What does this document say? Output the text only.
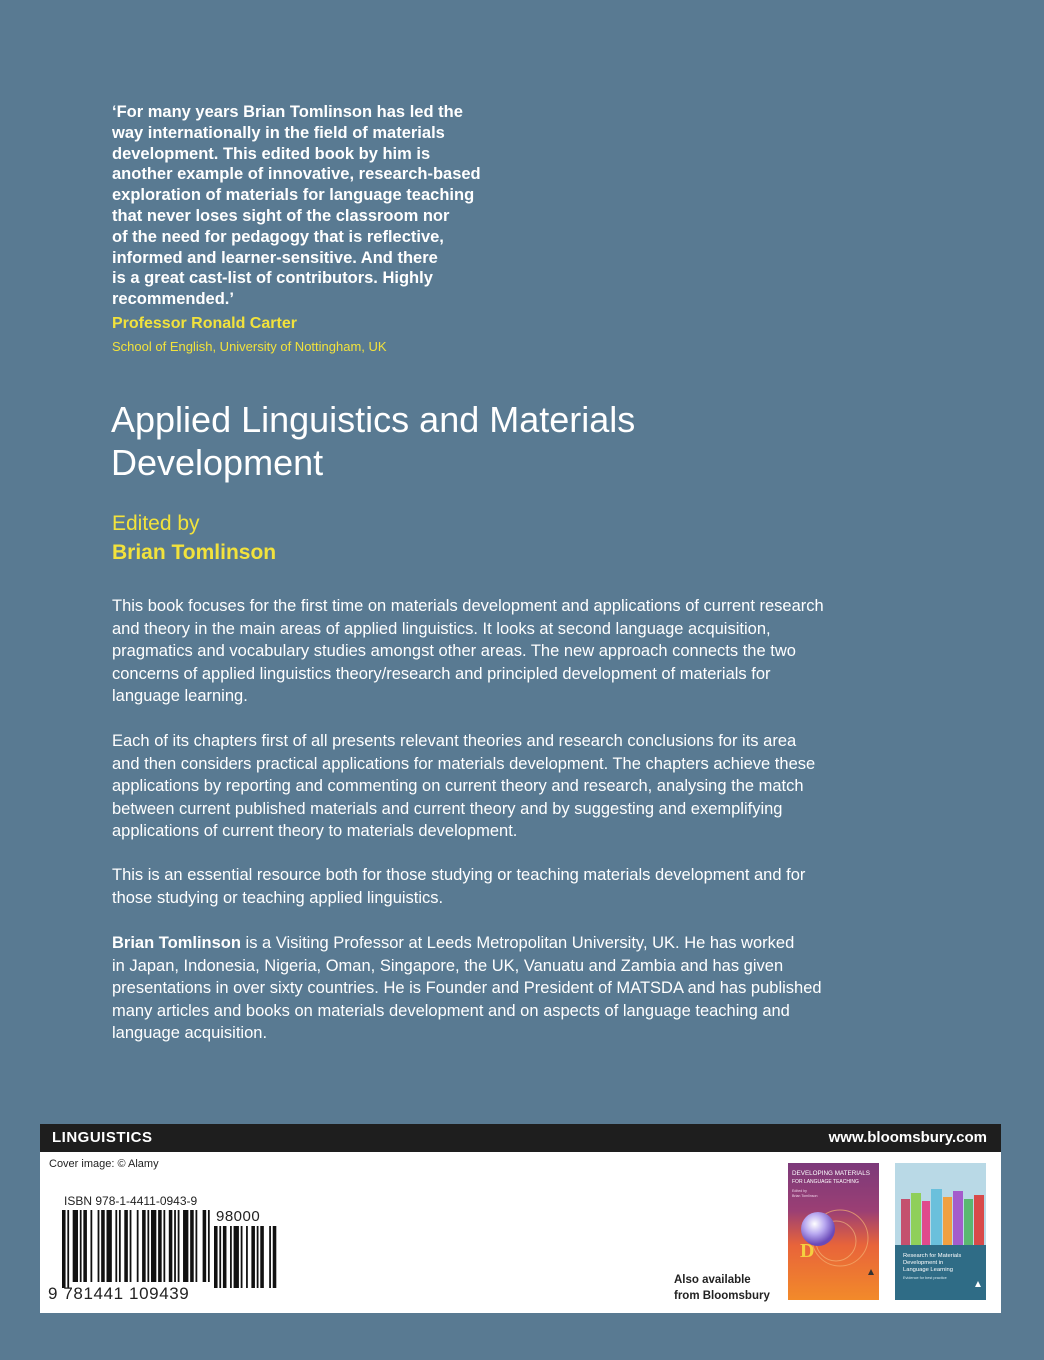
‘For many years Brian Tomlinson has led the
way internationally in the field of materials
development. This edited book by him is
another example of innovative, research-based
exploration of materials for language teaching
that never loses sight of the classroom nor
of the need for pedagogy that is reflective,
informed and learner-sensitive. And there
is a great cast-list of contributors. Highly
recommended.’
Professor Ronald Carter
School of English, University of Nottingham, UK
Applied Linguistics and Materials
Development
Edited by
Brian Tomlinson
This book focuses for the first time on materials development and applications of current research
and theory in the main areas of applied linguistics. It looks at second language acquisition,
pragmatics and vocabulary studies amongst other areas. The new approach connects the two
concerns of applied linguistics theory/research and principled development of materials for
language learning.
Each of its chapters first of all presents relevant theories and research conclusions for its area
and then considers practical applications for materials development. The chapters achieve these
applications by reporting and commenting on current theory and research, analysing the match
between current published materials and current theory and by suggesting and exemplifying
applications of current theory to materials development.
This is an essential resource both for those studying or teaching materials development and for
those studying or teaching applied linguistics.
Brian Tomlinson is a Visiting Professor at Leeds Metropolitan University, UK. He has worked
in Japan, Indonesia, Nigeria, Oman, Singapore, the UK, Vanuatu and Zambia and has given
presentations in over sixty countries. He is Founder and President of MATSDA and has published
many articles and books on materials development and on aspects of language teaching and
language acquisition.
LINGUISTICS	www.bloomsbury.com
Cover image: © Alamy
ISBN 978-1-4411-0943-9
98000
9 781441 109439
Also available
from Bloomsbury
DEVELOPING MATERIALS
FOR LANGUAGE TEACHING
Edited by
Brian Tomlinson
D	Research for Materials
Development in
Language Learning
Evidence for best practice
